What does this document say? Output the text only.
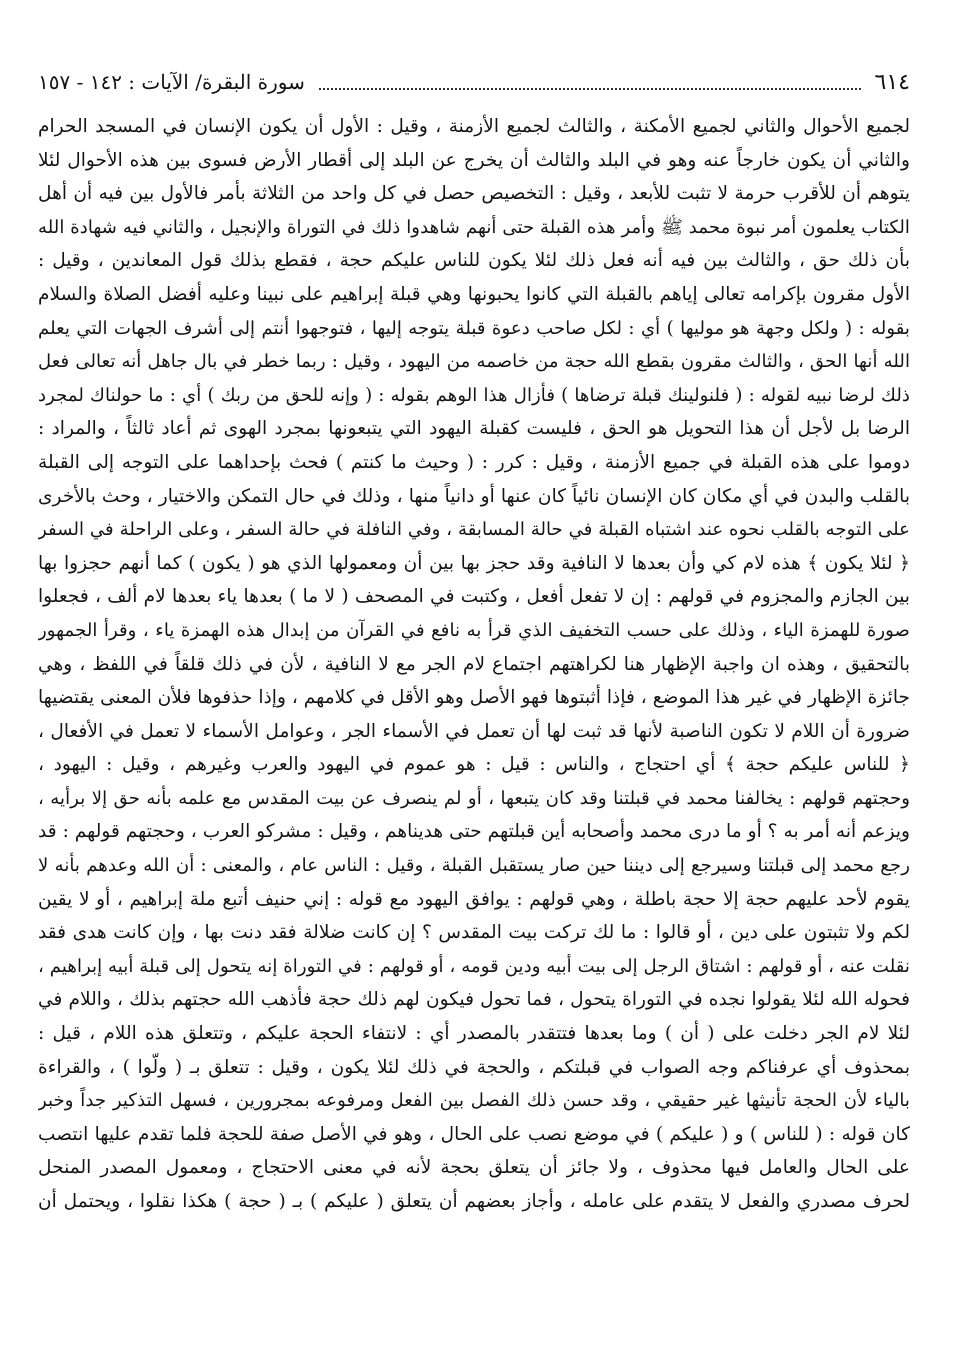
٦١٤
سورة البقرة/ الآيات : ١٤٢ - ١٥٧
لجميع الأحوال والثاني لجميع الأمكنة ، والثالث لجميع الأزمنة ، وقيل : الأول أن يكون الإنسان في المسجد الحرام
والثاني أن يكون خارجاً عنه وهو في البلد والثالث أن يخرج عن البلد إلى أقطار الأرض فسوى بين هذه الأحوال لئلا
يتوهم أن للأقرب حرمة لا تثبت للأبعد ، وقيل : التخصيص حصل في كل واحد من الثلاثة بأمر فالأول بين فيه أن أهل
الكتاب يعلمون أمر نبوة محمد ﷺ وأمر هذه القبلة حتى أنهم شاهدوا ذلك في التوراة والإنجيل ، والثاني فيه شهادة الله
بأن ذلك حق ، والثالث بين فيه أنه فعل ذلك لئلا يكون للناس عليكم حجة ، فقطع بذلك قول المعاندين ، وقيل :
الأول مقرون بإكرامه تعالى إياهم بالقبلة التي كانوا يحبونها وهي قبلة إبراهيم على نبينا وعليه أفضل الصلاة والسلام
بقوله : ( ولكل وجهة هو موليها ) أي : لكل صاحب دعوة قبلة يتوجه إليها ، فتوجهوا أنتم إلى أشرف الجهات التي يعلم
الله أنها الحق ، والثالث مقرون بقطع الله حجة من خاصمه من اليهود ، وقيل : ربما خطر في بال جاهل أنه تعالى فعل
ذلك لرضا نبيه لقوله : ( فلنولينك قبلة ترضاها ) فأزال هذا الوهم بقوله : ( وإنه للحق من ربك ) أي : ما حولناك لمجرد
الرضا بل لأجل أن هذا التحويل هو الحق ، فليست كقبلة اليهود التي يتبعونها بمجرد الهوى ثم أعاد ثالثاً ، والمراد :
دوموا على هذه القبلة في جميع الأزمنة ، وقيل : كرر : ( وحيث ما كنتم ) فحث بإحداهما على التوجه إلى القبلة
بالقلب والبدن في أي مكان كان الإنسان نائياً كان عنها أو دانياً منها ، وذلك في حال التمكن والاختيار ، وحث بالأخرى
على التوجه بالقلب نحوه عند اشتباه القبلة في حالة المسابقة ، وفي النافلة في حالة السفر ، وعلى الراحلة في السفر
﴿ لئلا يكون ﴾ هذه لام كي وأن بعدها لا النافية وقد حجز بها بين أن ومعمولها الذي هو ( يكون ) كما أنهم حجزوا بها
بين الجازم والمجزوم في قولهم : إن لا تفعل أفعل ، وكتبت في المصحف ( لا ما ) بعدها ياء بعدها لام ألف ، فجعلوا
صورة للهمزة الياء ، وذلك على حسب التخفيف الذي قرأ به نافع في القرآن من إبدال هذه الهمزة ياء ، وقرأ الجمهور
بالتحقيق ، وهذه ان واجبة الإظهار هنا لكراهتهم اجتماع لام الجر مع لا النافية ، لأن في ذلك قلقاً في اللفظ ، وهي
جائزة الإظهار في غير هذا الموضع ، فإذا أثبتوها فهو الأصل وهو الأقل في كلامهم ، وإذا حذفوها فلأن المعنى يقتضيها
ضرورة أن اللام لا تكون الناصبة لأنها قد ثبت لها أن تعمل في الأسماء الجر ، وعوامل الأسماء لا تعمل في الأفعال ،
﴿ للناس عليكم حجة ﴾ أي احتجاج ، والناس : قيل : هو عموم في اليهود والعرب وغيرهم ، وقيل : اليهود ،
وحجتهم قولهم : يخالفنا محمد في قبلتنا وقد كان يتبعها ، أو لم ينصرف عن بيت المقدس مع علمه بأنه حق إلا برأيه ،
ويزعم أنه أمر به ؟ أو ما درى محمد وأصحابه أين قبلتهم حتى هديناهم ، وقيل : مشركو العرب ، وحجتهم قولهم : قد
رجع محمد إلى قبلتنا وسيرجع إلى ديننا حين صار يستقبل القبلة ، وقيل : الناس عام ، والمعنى : أن الله وعدهم بأنه لا
يقوم لأحد عليهم حجة إلا حجة باطلة ، وهي قولهم : يوافق اليهود مع قوله : إني حنيف أتبع ملة إبراهيم ، أو لا يقين
لكم ولا تثبتون على دين ، أو قالوا : ما لك تركت بيت المقدس ؟ إن كانت ضلالة فقد دنت بها ، وإن كانت هدى فقد
نقلت عنه ، أو قولهم : اشتاق الرجل إلى بيت أبيه ودين قومه ، أو قولهم : في التوراة إنه يتحول إلى قبلة أبيه إبراهيم ،
فحوله الله لئلا يقولوا نجده في التوراة يتحول ، فما تحول فيكون لهم ذلك حجة فأذهب الله حجتهم بذلك ، واللام في
لئلا لام الجر دخلت على ( أن ) وما بعدها فتتقدر بالمصدر أي : لانتفاء الحجة عليكم ، وتتعلق هذه اللام ، قيل :
بمحذوف أي عرفناكم وجه الصواب في قبلتكم ، والحجة في ذلك لئلا يكون ، وقيل : تتعلق بـ ( ولّوا ) ، والقراءة
بالياء لأن الحجة تأنيثها غير حقيقي ، وقد حسن ذلك الفصل بين الفعل ومرفوعه بمجرورين ، فسهل التذكير جداً وخبر
كان قوله : ( للناس ) و ( عليكم ) في موضع نصب على الحال ، وهو في الأصل صفة للحجة فلما تقدم عليها انتصب
على الحال والعامل فيها محذوف ، ولا جائز أن يتعلق بحجة لأنه في معنى الاحتجاج ، ومعمول المصدر المنحل
لحرف مصدري والفعل لا يتقدم على عامله ، وأجاز بعضهم أن يتعلق ( عليكم ) بـ ( حجة ) هكذا نقلوا ، ويحتمل أن
